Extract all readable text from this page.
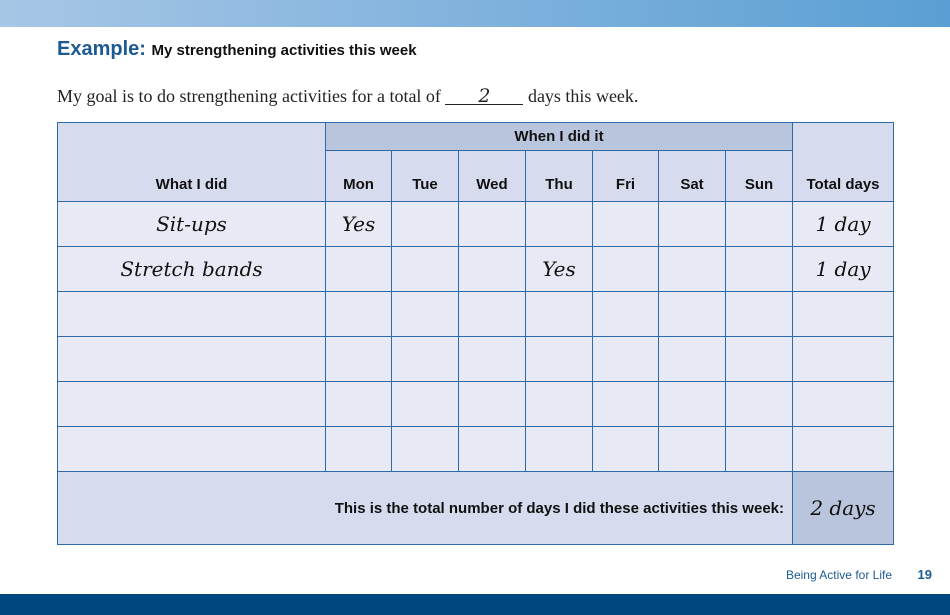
Example: My strengthening activities this week
My goal is to do strengthening activities for a total of 2 days this week.
What I did	When I did it							Total days
	Mon	Tue	Wed	Thu	Fri	Sat	Sun	
Sit-ups	Yes							1 day
Stretch bands				Yes				1 day

This is the total number of days I did these activities this week:								2 days
Being Active for Life 19
